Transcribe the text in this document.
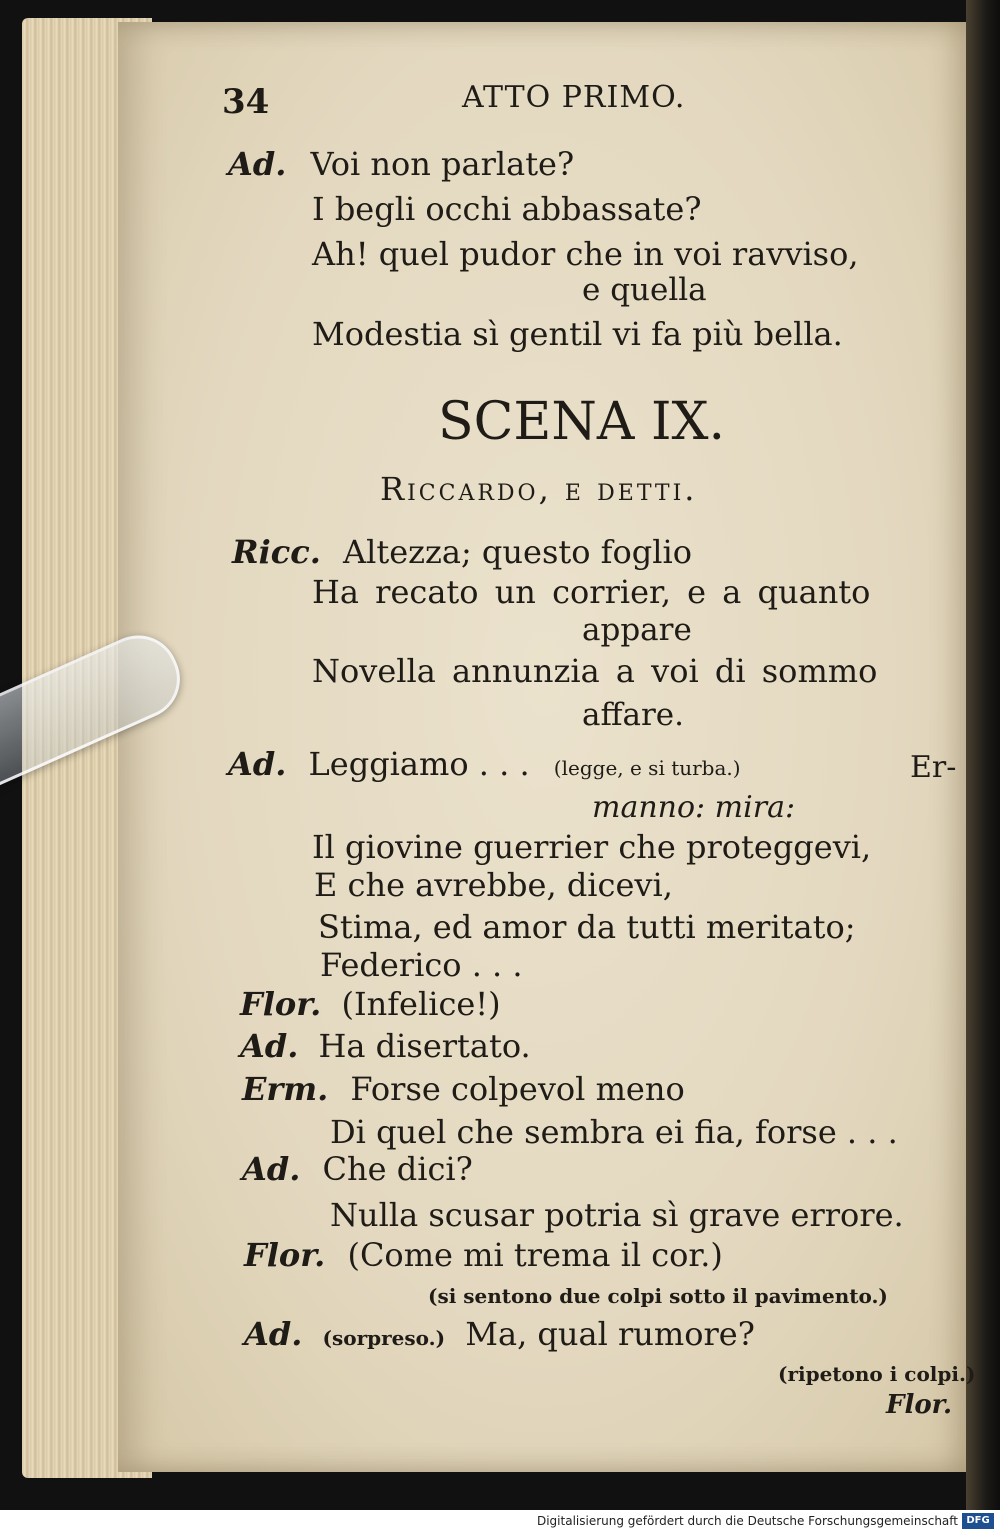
34	ATTO PRIMO.
Ad. Voi non parlate?
I begli occhi abbassate?
Ah! quel pudor che in voi ravviso,
e quella
Modestia sì gentil vi fa più bella.
SCENA IX.
Riccardo, e detti.
Ricc. Altezza; questo foglio
Ha recato un corrier, e a quanto
appare
Novella annunzia a voi di sommo
affare.
Ad. Leggiamo . . . (legge, e si turba.)	Er-
manno: mira:
Il giovine guerrier che proteggevi,
E che avrebbe, dicevi,
Stima, ed amor da tutti meritato;
Federico . . .
Flor. (Infelice!)
Ad. Ha disertato.
Erm. Forse colpevol meno
Di quel che sembra ei fia, forse . . .
Ad. Che dici?
Nulla scusar potria sì grave errore.
Flor. (Come mi trema il cor.)
(si sentono due colpi sotto il pavimento.)
Ad. (sorpreso.) Ma, qual rumore?
(ripetono i colpi.)
Flor.
Digitalisierung gefördert durch die Deutsche Forschungsgemeinschaft DFG
